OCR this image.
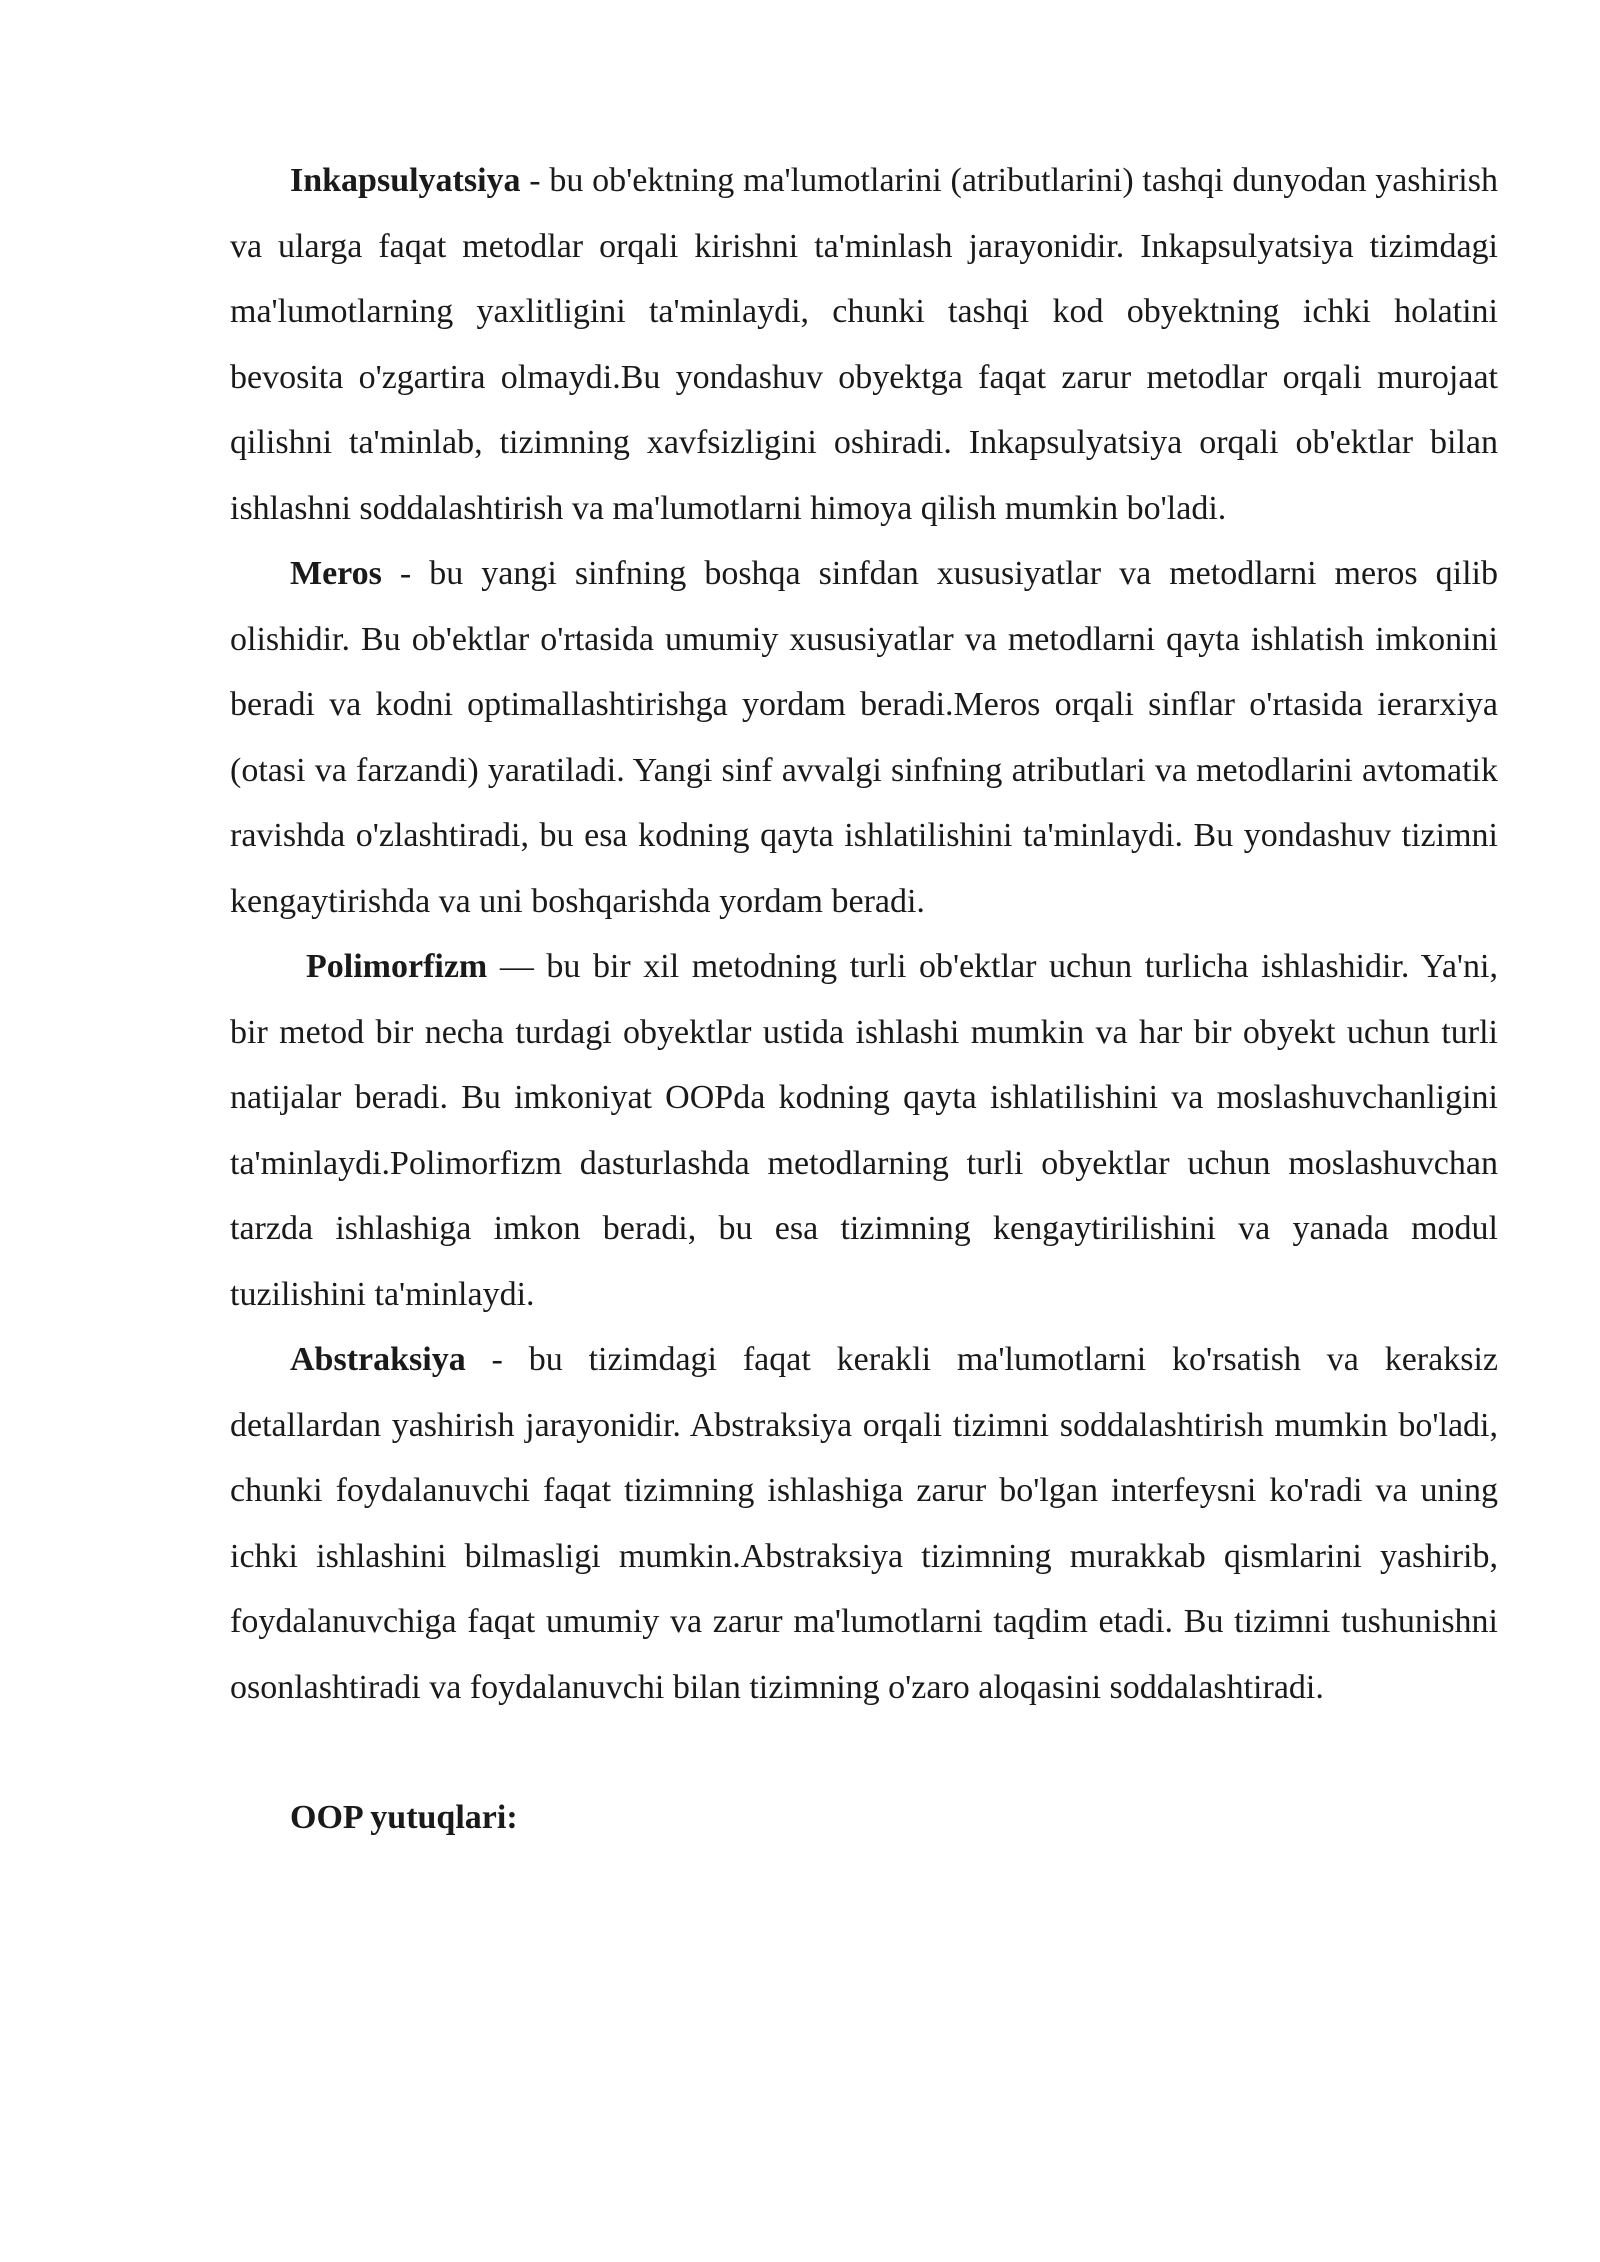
Inkapsulyatsiya - bu ob'ektning ma'lumotlarini (atributlarini) tashqi dunyodan yashirish va ularga faqat metodlar orqali kirishni ta'minlash jarayonidir. Inkapsulyatsiya tizimdagi ma'lumotlarning yaxlitligini ta'minlaydi, chunki tashqi kod obyektning ichki holatini bevosita o'zgartira olmaydi.Bu yondashuv obyektga faqat zarur metodlar orqali murojaat qilishni ta'minlab, tizimning xavfsizligini oshiradi. Inkapsulyatsiya orqali ob'ektlar bilan ishlashni soddalashtirish va ma'lumotlarni himoya qilish mumkin bo'ladi.

Meros - bu yangi sinfning boshqa sinfdan xususiyatlar va metodlarni meros qilib olishidir. Bu ob'ektlar o'rtasida umumiy xususiyatlar va metodlarni qayta ishlatish imkonini beradi va kodni optimallashtirishga yordam beradi.Meros orqali sinflar o'rtasida ierarxiya (otasi va farzandi) yaratiladi. Yangi sinf avvalgi sinfning atributlari va metodlarini avtomatik ravishda o'zlashtiradi, bu esa kodning qayta ishlatilishini ta'minlaydi. Bu yondashuv tizimni kengaytirishda va uni boshqarishda yordam beradi.

Polimorfizm — bu bir xil metodning turli ob'ektlar uchun turlicha ishlashidir. Ya'ni, bir metod bir necha turdagi obyektlar ustida ishlashi mumkin va har bir obyekt uchun turli natijalar beradi. Bu imkoniyat OOPda kodning qayta ishlatilishini va moslashuvchanligini ta'minlaydi.Polimorfizm dasturlashda metodlarning turli obyektlar uchun moslashuvchan tarzda ishlashiga imkon beradi, bu esa tizimning kengaytirilishini va yanada modul tuzilishini ta'minlaydi.

Abstraksiya - bu tizimdagi faqat kerakli ma'lumotlarni ko'rsatish va keraksiz detallardan yashirish jarayonidir. Abstraksiya orqali tizimni soddalashtirish mumkin bo'ladi, chunki foydalanuvchi faqat tizimning ishlashiga zarur bo'lgan interfeysni ko'radi va uning ichki ishlashini bilmasligi mumkin.Abstraksiya tizimning murakkab qismlarini yashirib, foydalanuvchiga faqat umumiy va zarur ma'lumotlarni taqdim etadi. Bu tizimni tushunishni osonlashtiradi va foydalanuvchi bilan tizimning o'zaro aloqasini soddalashtiradi.

OOP yutuqlari:
